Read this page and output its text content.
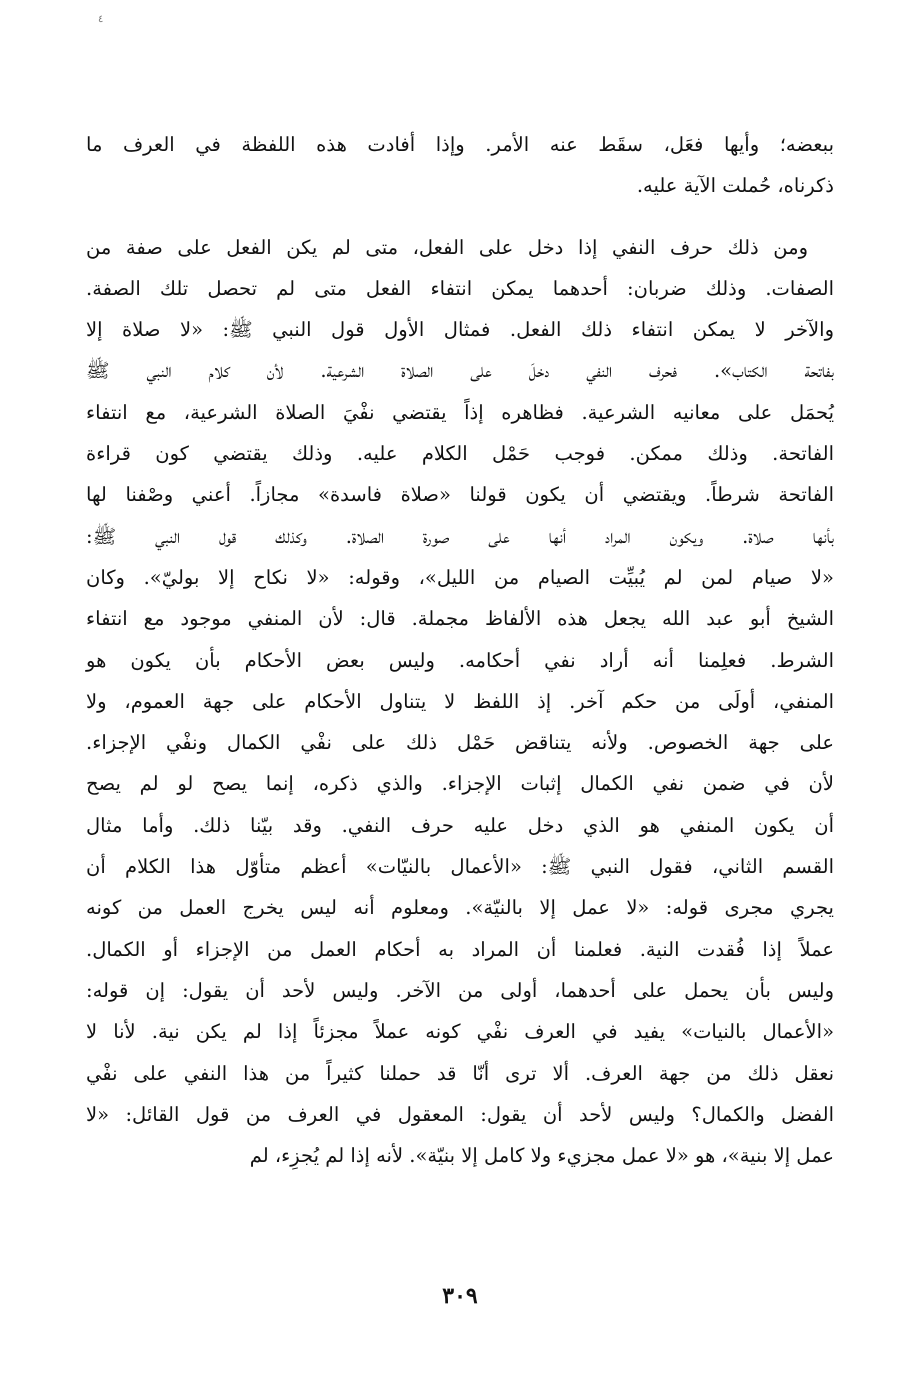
٤
ببعضه؛ وأيها فعَل، سقَط عنه الأمر. وإذا أفادت هذه اللفظة في العرف ما
ذكرناه، حُملت الآية عليه.
ومن ذلك حرف النفي إذا دخل على الفعل، متى لم يكن الفعل على صفة من
الصفات. وذلك ضربان: أحدهما يمكن انتفاء الفعل متى لم تحصل تلك الصفة.
والآخر لا يمكن انتفاء ذلك الفعل. فمثال الأول قول النبي ﷺ: «لا صلاة إلا
بفاتحة الكتاب». فحرف النفي دخلَ على الصلاة الشرعية. لأن كلام النبي ﷺ
يُحمَل على معانيه الشرعية. فظاهره إذاً يقتضي نفْيَ الصلاة الشرعية، مع انتفاء
الفاتحة. وذلك ممكن. فوجب حَمْل الكلام عليه. وذلك يقتضي كون قراءة
الفاتحة شرطاً. ويقتضي أن يكون قولنا «صلاة فاسدة» مجازاً. أعني وصْفنا لها
بأنها صلاة. ويكون المراد أنها على صورة الصلاة. وكذلك قول النبي ﷺ:
«لا صيام لمن لم يُبيِّت الصيام من الليل»، وقوله: «لا نكاح إلا بوليّ». وكان
الشيخ أبو عبد الله يجعل هذه الألفاظ مجملة. قال: لأن المنفي موجود مع انتفاء
الشرط. فعلِمنا أنه أراد نفي أحكامه. وليس بعض الأحكام بأن يكون هو
المنفي، أولَى من حكم آخر. إذ اللفظ لا يتناول الأحكام على جهة العموم، ولا
على جهة الخصوص. ولأنه يتناقض حَمْل ذلك على نفْي الكمال ونفْي الإجزاء.
لأن في ضمن نفي الكمال إثبات الإجزاء. والذي ذكره، إنما يصح لو لم يصح
أن يكون المنفي هو الذي دخل عليه حرف النفي. وقد بيّنا ذلك. وأما مثال
القسم الثاني، فقول النبي ﷺ: «الأعمال بالنيّات» أعظم متأوّل هذا الكلام أن
يجري مجرى قوله: «لا عمل إلا بالنيّة». ومعلوم أنه ليس يخرج العمل من كونه
عملاً إذا فُقدت النية. فعلمنا أن المراد به أحكام العمل من الإجزاء أو الكمال.
وليس بأن يحمل على أحدهما، أولى من الآخر. وليس لأحد أن يقول: إن قوله:
«الأعمال بالنيات» يفيد في العرف نفْي كونه عملاً مجزئاً إذا لم يكن نية. لأنا لا
نعقل ذلك من جهة العرف. ألا ترى أنّا قد حملنا كثيراً من هذا النفي على نفْي
الفضل والكمال؟ وليس لأحد أن يقول: المعقول في العرف من قول القائل: «لا
عمل إلا بنية»، هو «لا عمل مجزيء ولا كامل إلا بنيّة». لأنه إذا لم يُجزِء، لم
٣٠٩
